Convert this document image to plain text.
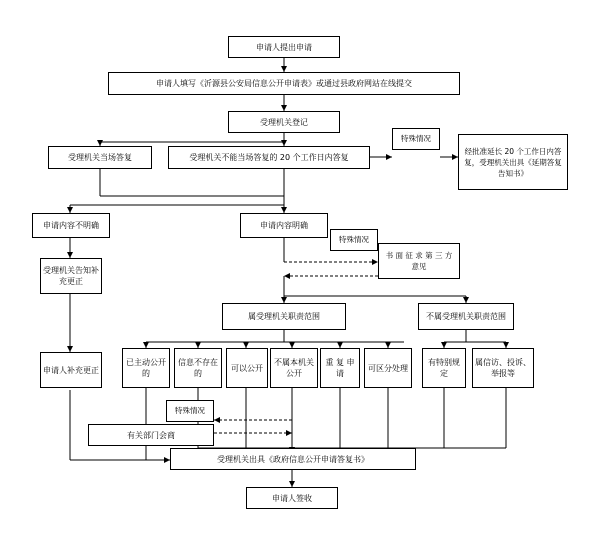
申请人提出申请
申请人填写《沂源县公安局信息公开申请表》或通过县政府网站在线提交
受理机关登记
受理机关当场答复	受理机关不能当场答复的 20 个工作日内答复
特殊情况
经批准延长 20 个工作日内答复，受理机关出具《延期答复告知书》
申请内容不明确	申请内容明确
特殊情况
书 面 征 求 第 三 方 意见
受理机关告知补充更正
申请人补充更正
属受理机关职责范围	不属受理机关职责范围
已主动公开的
信息不存在的
可以公开
不属本机关公开
重 复 申 请
可区分处理
有特别规定
属信访、投诉、举报等
特殊情况
有关部门会商
受理机关出具《政府信息公开申请答复书》
申请人签收
